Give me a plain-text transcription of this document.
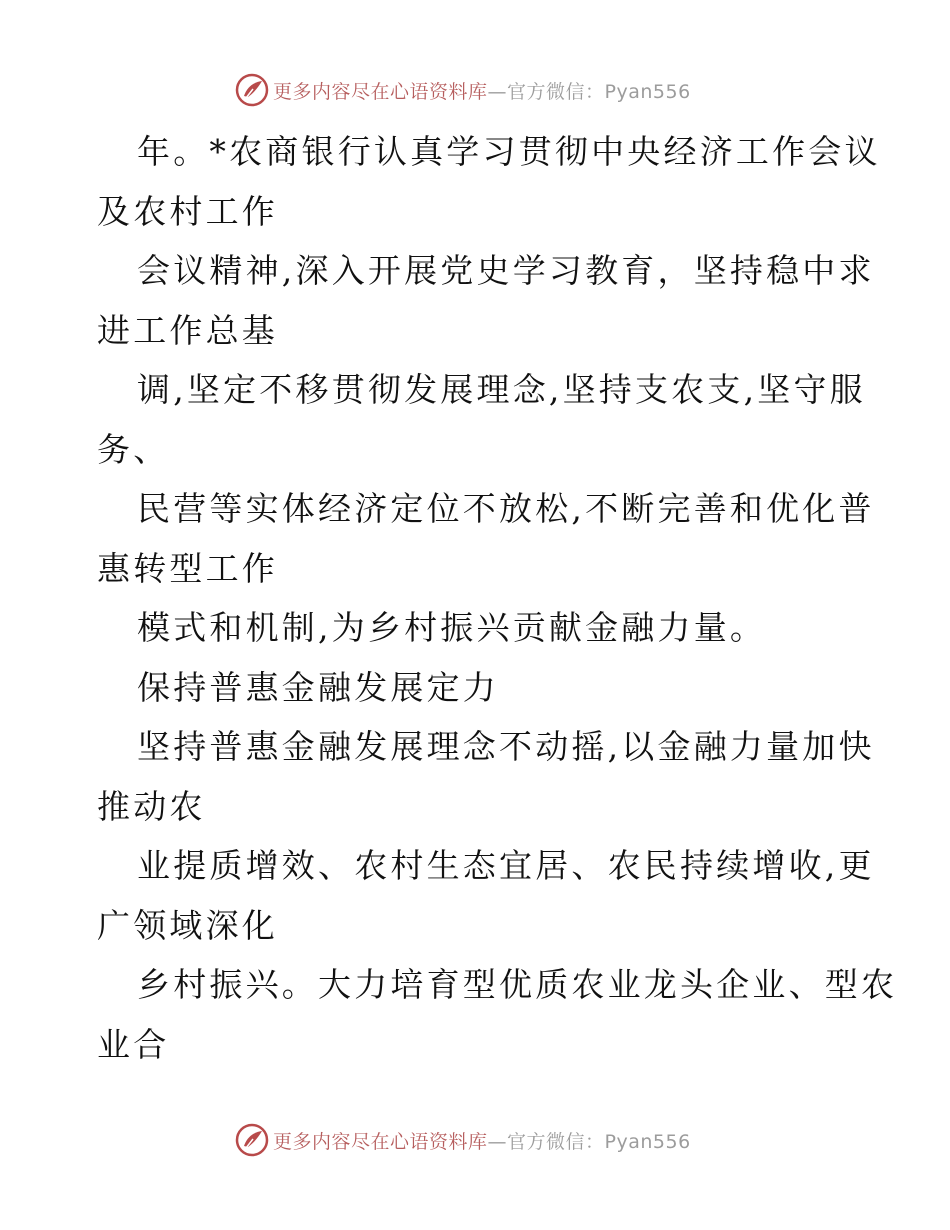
更多内容尽在心语资料库—官方微信：Pyan556

年。*农商银行认真学习贯彻中央经济工作会议

及农村工作

会议精神,深入开展党史学习教育，坚持稳中求

进工作总基

调,坚定不移贯彻发展理念,坚持支农支,坚守服

务、

民营等实体经济定位不放松,不断完善和优化普

惠转型工作

模式和机制,为乡村振兴贡献金融力量。

保持普惠金融发展定力

坚持普惠金融发展理念不动摇,以金融力量加快

推动农

业提质增效、农村生态宜居、农民持续增收,更

广领域深化

乡村振兴。大力培育型优质农业龙头企业、型农

业合

更多内容尽在心语资料库—官方微信：Pyan556
